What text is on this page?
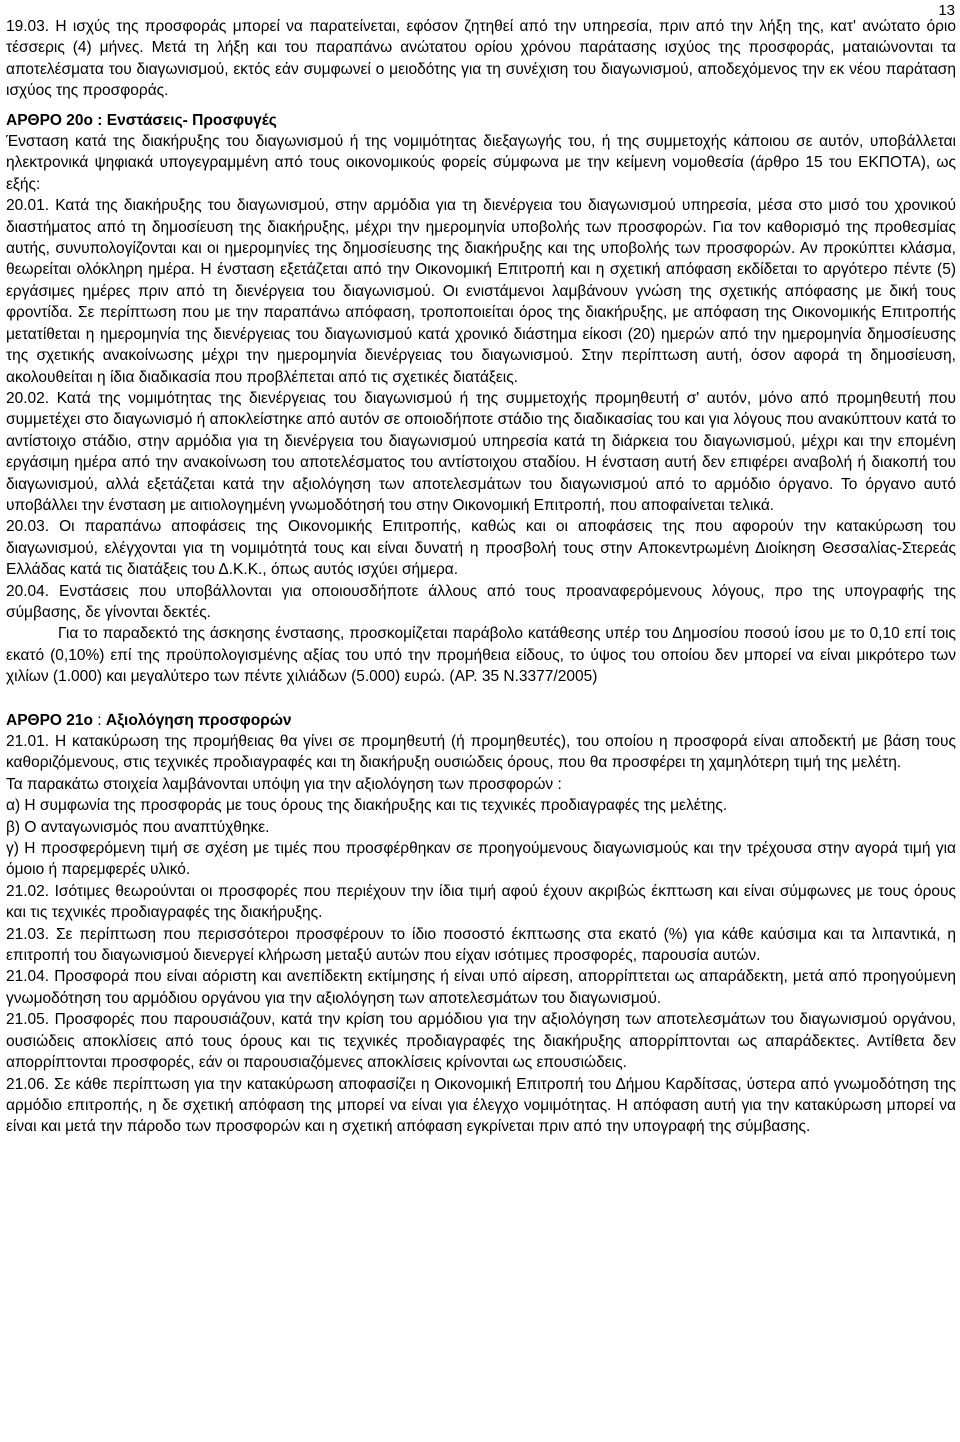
13

19.03. Η ισχύς της προσφοράς μπορεί να παρατείνεται, εφόσον ζητηθεί από την υπηρεσία, πριν από την λήξη της, κατ' ανώτατο όριο τέσσερις (4) μήνες. Μετά τη λήξη και του παραπάνω ανώτατου ορίου χρόνου παράτασης ισχύος της προσφοράς, ματαιώνονται τα αποτελέσματα του διαγωνισμού, εκτός εάν συμφωνεί ο μειοδότης για τη συνέχιση του διαγωνισμού, αποδεχόμενος την εκ νέου παράταση ισχύος της προσφοράς.

ΑΡΘΡΟ 20ο : Ενστάσεις- Προσφυγές

Ένσταση κατά της διακήρυξης του διαγωνισμού ή της νομιμότητας διεξαγωγής του, ή της συμμετοχής κάποιου σε αυτόν, υποβάλλεται ηλεκτρονικά ψηφιακά υπογεγραμμένη από τους οικονομικούς φορείς σύμφωνα με την κείμενη νομοθεσία (άρθρο 15 του ΕΚΠΟΤΑ), ως εξής:

20.01. Κατά της διακήρυξης του διαγωνισμού, στην αρμόδια για τη διενέργεια του διαγωνισμού υπηρεσία, μέσα στο μισό του χρονικού διαστήματος από τη δημοσίευση της διακήρυξης, μέχρι την ημερομηνία υποβολής των προσφορών. Για τον καθορισμό της προθεσμίας αυτής, συνυπολογίζονται και οι ημερομηνίες της δημοσίευσης της διακήρυξης και της υποβολής των προσφορών. Αν προκύπτει κλάσμα, θεωρείται ολόκληρη ημέρα. Η ένσταση εξετάζεται από την Οικονομική Επιτροπή και η σχετική απόφαση εκδίδεται το αργότερο πέντε (5) εργάσιμες ημέρες πριν από τη διενέργεια του διαγωνισμού. Οι ενιστάμενοι λαμβάνουν γνώση της σχετικής απόφασης με δική τους φροντίδα. Σε περίπτωση που με την παραπάνω απόφαση, τροποποιείται όρος της διακήρυξης, με απόφαση της Οικονομικής Επιτροπής μετατίθεται η ημερομηνία της διενέργειας του διαγωνισμού κατά χρονικό διάστημα είκοσι (20) ημερών από την ημερομηνία δημοσίευσης της σχετικής ανακοίνωσης μέχρι την ημερομηνία διενέργειας του διαγωνισμού. Στην περίπτωση αυτή, όσον αφορά τη δημοσίευση, ακολουθείται η ίδια διαδικασία που προβλέπεται από τις σχετικές διατάξεις.

20.02. Κατά της νομιμότητας της διενέργειας του διαγωνισμού ή της συμμετοχής προμηθευτή σ' αυτόν, μόνο από προμηθευτή που συμμετέχει στο διαγωνισμό ή αποκλείστηκε από αυτόν σε οποιοδήποτε στάδιο της διαδικασίας του και για λόγους που ανακύπτουν κατά το αντίστοιχο στάδιο, στην αρμόδια για τη διενέργεια του διαγωνισμού υπηρεσία κατά τη διάρκεια του διαγωνισμού, μέχρι και την επομένη εργάσιμη ημέρα από την ανακοίνωση του αποτελέσματος του αντίστοιχου σταδίου. Η ένσταση αυτή δεν επιφέρει αναβολή ή διακοπή του διαγωνισμού, αλλά εξετάζεται κατά την αξιολόγηση των αποτελεσμάτων του διαγωνισμού από το αρμόδιο όργανο. Το όργανο αυτό υποβάλλει την ένσταση με αιτιολογημένη γνωμοδότησή του στην Οικονομική Επιτροπή, που αποφαίνεται τελικά.

20.03. Οι παραπάνω αποφάσεις της Οικονομικής Επιτροπής, καθώς και οι αποφάσεις της που αφορούν την κατακύρωση του διαγωνισμού, ελέγχονται για τη νομιμότητά τους και είναι δυνατή η προσβολή τους στην Αποκεντρωμένη Διοίκηση Θεσσαλίας-Στερεάς Ελλάδας κατά τις διατάξεις του Δ.Κ.Κ., όπως αυτός ισχύει σήμερα.

20.04. Ενστάσεις που υποβάλλονται για οποιουσδήποτε άλλους από τους προαναφερόμενους λόγους, προ της υπογραφής της σύμβασης, δε γίνονται δεκτές.

Για το παραδεκτό της άσκησης ένστασης, προσκομίζεται παράβολο κατάθεσης υπέρ του Δημοσίου ποσού ίσου με το 0,10 επί τοις εκατό (0,10%) επί της προϋπολογισμένης αξίας του υπό την προμήθεια είδους, το ύψος του οποίου δεν μπορεί να είναι μικρότερο των χιλίων (1.000) και μεγαλύτερο των πέντε χιλιάδων (5.000) ευρώ. (ΑΡ. 35 Ν.3377/2005)

ΑΡΘΡΟ 21ο : Αξιολόγηση προσφορών

21.01. Η κατακύρωση της προμήθειας θα γίνει σε προμηθευτή (ή προμηθευτές), του οποίου η προσφορά είναι αποδεκτή με βάση τους καθοριζόμενους, στις τεχνικές προδιαγραφές και τη διακήρυξη ουσιώδεις όρους, που θα προσφέρει τη χαμηλότερη τιμή της μελέτη.

Τα παρακάτω στοιχεία λαμβάνονται υπόψη για την αξιολόγηση των προσφορών :

α) Η συμφωνία της προσφοράς με τους όρους της διακήρυξης και τις τεχνικές προδιαγραφές της μελέτης.

β) Ο ανταγωνισμός που αναπτύχθηκε.

γ) Η προσφερόμενη τιμή σε σχέση με τιμές που προσφέρθηκαν σε προηγούμενους διαγωνισμούς και την τρέχουσα στην αγορά τιμή για όμοιο ή παρεμφερές υλικό.

21.02. Ισότιμες θεωρούνται οι προσφορές που περιέχουν την ίδια τιμή αφού έχουν ακριβώς έκπτωση και είναι σύμφωνες με τους όρους και τις τεχνικές προδιαγραφές της διακήρυξης.

21.03. Σε περίπτωση που περισσότεροι προσφέρουν το ίδιο ποσοστό έκπτωσης στα εκατό (%) για κάθε καύσιμα και τα λιπαντικά, η επιτροπή του διαγωνισμού διενεργεί κλήρωση μεταξύ αυτών που είχαν ισότιμες προσφορές, παρουσία αυτών.

21.04. Προσφορά που είναι αόριστη και ανεπίδεκτη εκτίμησης ή είναι υπό αίρεση, απορρίπτεται ως απαράδεκτη, μετά από προηγούμενη γνωμοδότηση του αρμόδιου οργάνου για την αξιολόγηση των αποτελεσμάτων του διαγωνισμού.

21.05. Προσφορές που παρουσιάζουν, κατά την κρίση του αρμόδιου για την αξιολόγηση των αποτελεσμάτων του διαγωνισμού οργάνου, ουσιώδεις αποκλίσεις από τους όρους και τις τεχνικές προδιαγραφές της διακήρυξης απορρίπτονται ως απαράδεκτες. Αντίθετα δεν απορρίπτονται προσφορές, εάν οι παρουσιαζόμενες αποκλίσεις κρίνονται ως επουσιώδεις.

21.06. Σε κάθε περίπτωση για την κατακύρωση αποφασίζει η Οικονομική Επιτροπή του Δήμου Καρδίτσας, ύστερα από γνωμοδότηση της αρμόδιο επιτροπής, η δε σχετική απόφαση της μπορεί να είναι για έλεγχο νομιμότητας. Η απόφαση αυτή για την κατακύρωση μπορεί να είναι και μετά την πάροδο των προσφορών και η σχετική απόφαση εγκρίνεται πριν από την υπογραφή της σύμβασης.
